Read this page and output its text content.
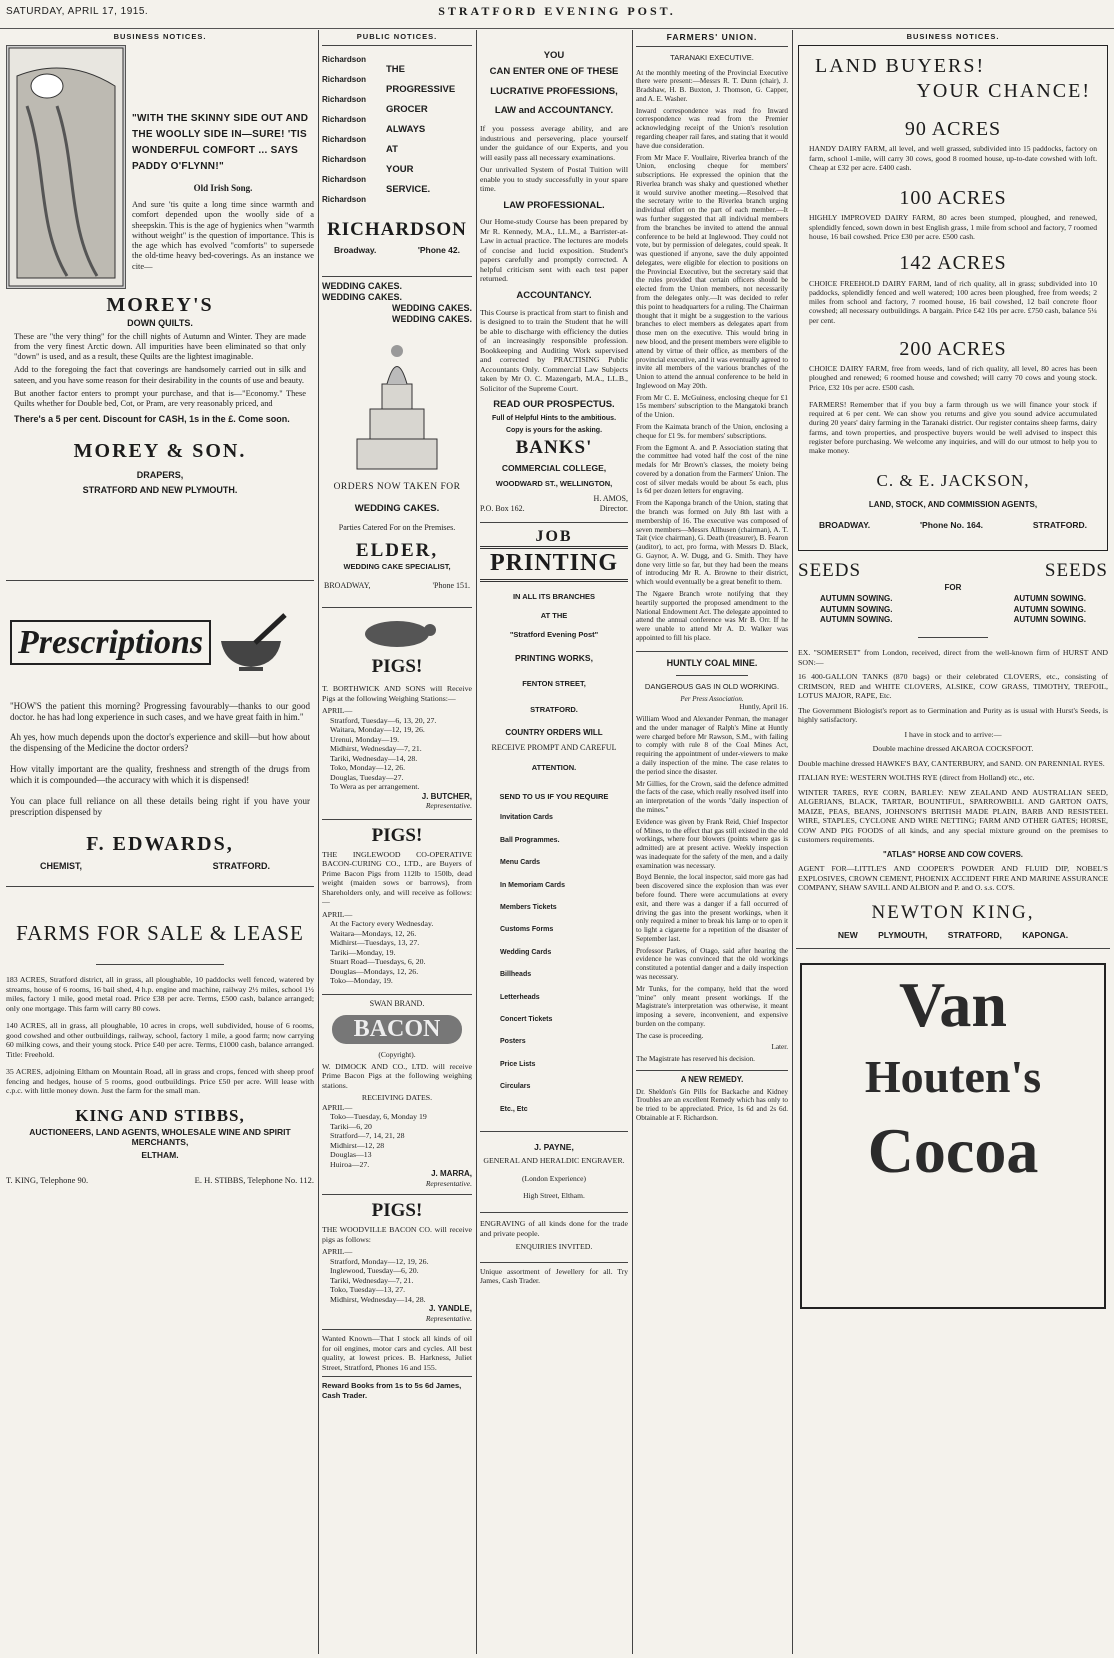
SATURDAY, APRIL 17, 1915.	STRATFORD EVENING POST.
BUSINESS NOTICES.
"WITH THE SKINNY SIDE OUT AND THE WOOLLY SIDE IN—SURE! 'TIS WONDERFUL COMFORT ... SAYS PADDY O'FLYNN!"
Old Irish Song.
And sure 'tis quite a long time since warmth and comfort depended upon the woolly side of a sheepskin. This is the age of hygienics when "warmth without weight" is the question of importance. This is the age which has evolved "comforts" to supersede the old-time heavy bed-coverings. As an instance we cite—
MOREY'S
DOWN QUILTS.
These are "the very thing" for the chill nights of Autumn and Winter. They are made from the very finest Arctic down. All impurities have been eliminated so that only "down" is used, and as a result, these Quilts are the lightest imaginable.
Add to the foregoing the fact that coverings are handsomely carried out in silk and sateen, and you have some reason for their desirability in the counts of use and beauty.
But another factor enters to prompt your purchase, and that is—"Economy." These Quilts whether for Double bed, Cot, or Pram, are very reasonably priced, and
There's a 5 per cent. Discount for CASH, 1s in the £. Come soon.
MOREY & SON.
DRAPERS,
STRATFORD AND NEW PLYMOUTH.
Prescriptions
"HOW'S the patient this morning? Progressing favourably—thanks to our good doctor. he has had long experience in such cases, and we have great faith in him."
Ah yes, how much depends upon the doctor's experience and skill—but how about the dispensing of the Medicine the doctor orders?
How vitally important are the quality, freshness and strength of the drugs from which it is compounded—the accuracy with which it is dispensed!
You can place full reliance on all these details being right if you have your prescription dispensed by
F. EDWARDS,
CHEMIST,	STRATFORD.
FARMS FOR SALE & LEASE
183 ACRES, Stratford district, all in grass, all ploughable, 10 paddocks well fenced, watered by streams, house of 6 rooms, 16 bail shed, 4 h.p. engine and machine, railway 2½ miles, school 1½ miles, factory 1 mile, good metal road. Price £38 per acre. Terms, £500 cash, balance arranged; only one mortgage. This farm will carry 80 cows.
140 ACRES, all in grass, all ploughable, 10 acres in crops, well subdivided, house of 6 rooms, good cowshed and other outbuildings, railway, school, factory 1 mile, a good farm; now carrying 60 milking cows, and their young stock. Price £40 per acre. Terms, £1000 cash, balance arranged. Title: Freehold.
35 ACRES, adjoining Eltham on Mountain Road, all in grass and crops, fenced with sheep proof fencing and hedges, house of 5 rooms, good outbuildings. Price £50 per acre. Will lease with c.p.c. with little money down. Just the farm for the small man.
KING AND STIBBS,
AUCTIONEERS, LAND AGENTS, WHOLESALE WINE AND SPIRIT MERCHANTS,
ELTHAM.
T. KING, Telephone 90.	E. H. STIBBS, Telephone No. 112.
PUBLIC NOTICES.
Richardson
Richardson
Richardson
Richardson
Richardson
Richardson
Richardson
Richardson
THE
PROGRESSIVE
GROCER
ALWAYS
AT
YOUR
SERVICE.
RICHARDSON
Broadway.	'Phone 42.
WEDDING CAKES.
WEDDING CAKES.
WEDDING CAKES.
WEDDING CAKES.
ORDERS NOW TAKEN FOR
WEDDING CAKES.
Parties Catered For on the Premises.
ELDER,
WEDDING CAKE SPECIALIST,
BROADWAY,	'Phone 151.
PIGS!
T. BORTHWICK AND SONS will Receive Pigs at the following Weighing Stations:—
APRIL—
Stratford, Tuesday—6, 13, 20, 27.
Waitara, Monday—12, 19, 26.
Urenui, Monday—19.
Midhirst, Wednesday—7, 21.
Tariki, Wednesday—14, 28.
Toko, Monday—12, 26.
Douglas, Tuesday—27.
To Wera as per arrangement.
J. BUTCHER,
Representative.
PIGS!
THE INGLEWOOD CO-OPERATIVE BACON-CURING CO., LTD., are Buyers of Prime Bacon Pigs from 112lb to 150lb, dead weight (maiden sows or barrows), from Shareholders only, and will receive as follows:—
APRIL—
At the Factory every Wednesday.
Waitara—Mondays, 12, 26.
Midhirst—Tuesdays, 13, 27.
Tariki—Monday, 19.
Stuart Road—Tuesdays, 6, 20.
Douglas—Mondays, 12, 26.
Toko—Monday, 19.
SWAN BRAND.
BACON
(Copyright).
W. DIMOCK AND CO., LTD. will receive Prime Bacon Pigs at the following weighing stations.
RECEIVING DATES.
APRIL—
Toko—Tuesday, 6, Monday 19
Tariki—6, 20
Stratford—7, 14, 21, 28
Midhirst—12, 28
Douglas—13
Huiroa—27.
J. MARRA,
Representative.
PIGS!
THE WOODVILLE BACON CO. will receive pigs as follows:
APRIL—
Stratford, Monday—12, 19, 26.
Inglewood, Tuesday—6, 20.
Tariki, Wednesday—7, 21.
Toko, Tuesday—13, 27.
Midhirst, Wednesday—14, 28.
J. YANDLE,
Representative.
Wanted Known—That I stock all kinds of oil for oil engines, motor cars and cycles. All best quality, at lowest prices. B. Harkness, Juliet Street, Stratford, Phones 16 and 155.
Reward Books from 1s to 5s 6d James, Cash Trader.
YOU
CAN ENTER ONE OF THESE LUCRATIVE PROFESSIONS, LAW and ACCOUNTANCY.
If you possess average ability, and are industrious and persevering, place yourself under the guidance of our Experts, and you will easily pass all necessary examinations.
Our unrivalled System of Postal Tuition will enable you to study successfully in your spare time.
LAW PROFESSIONAL.
Our Home-study Course has been prepared by Mr R. Kennedy, M.A., LL.M., a Barrister-at-Law in actual practice. The lectures are models of concise and lucid exposition. Student's papers carefully and promptly corrected. A helpful criticism sent with each test paper returned.
ACCOUNTANCY.
This Course is practical from start to finish and is designed to to train the Student that he will be able to discharge with efficiency the duties of an increasingly responsible profession. Bookkeeping and Auditing Work supervised and corrected by PRACTISING Public Accountants Only. Commercial Law Subjects taken by Mr O. C. Mazengarb, M.A., LL.B., Solicitor of the Supreme Court.
READ OUR PROSPECTUS.
Full of Helpful Hints to the ambitious.
Copy is yours for the asking.
BANKS'
COMMERCIAL COLLEGE,
WOODWARD ST., WELLINGTON,
H. AMOS,
P.O. Box 162.	Director.
JOB
PRINTING
IN ALL ITS BRANCHES
AT THE
"Stratford Evening Post"
PRINTING WORKS,
FENTON STREET,
STRATFORD.
COUNTRY ORDERS WILL
RECEIVE PROMPT AND CAREFUL
ATTENTION.
SEND TO US IF YOU REQUIRE
Invitation Cards
Ball Programmes.
Menu Cards
In Memoriam Cards
Members Tickets
Customs Forms
Wedding Cards
Billheads
Letterheads
Concert Tickets
Posters
Price Lists
Circulars
Etc., Etc
J. PAYNE,
GENERAL AND HERALDIC ENGRAVER.
(London Experience)
High Street, Eltham.
ENGRAVING of all kinds done for the trade and private people.
ENQUIRIES INVITED.
Unique assortment of Jewellery for all. Try James, Cash Trader.
FARMERS' UNION.
TARANAKI EXECUTIVE.
At the monthly meeting of the Provincial Executive there were present:—Messrs R. T. Dunn (chair), J. Bradshaw, H. B. Buxton, J. Thomson, G. Capper, and A. E. Washer.
Inward correspondence was read fro Inward correspondence was read from the Premier acknowledging receipt of the Union's resolution regarding cheaper rail fares, and stating that it would have due consideration.
From Mr Mace F. Voullaire, Riverlea branch of the Union, enclosing cheque for members' subscriptions. He expressed the opinion that the Riverlea branch was shaky and questioned whether it would survive another meeting.—Resolved that the secretary write to the Riverlea branch urging individual effort on the part of each member.—It was further suggested that all individual members from the branches be invited to attend the annual conference to be held at Inglewood. They could not vote, but by permission of delegates, could speak. It was questioned if anyone, save the duly appointed delegates, were eligible for election to positions on the Provincial Executive, but the secretary said that the rules provided that certain officers should be elected from the Union members, not necessarily from the delegates only.—It was decided to refer this point to headquarters for a ruling. The Chairman thought that it might be a suggestion to the various branches to elect members as delegates apart from those men on the executive. This would bring in new blood, and the present members were eligible to attend by virtue of their office, as members of the provincial executive, and it was eventually agreed to invite all members of the various branches of the Union to attend the annual conference to be held in Inglewood on May 20th.
From Mr C. E. McGuiness, enclosing cheque for £1 15s members' subscription to the Mangatoki branch of the Union.
From the Kaimata branch of the Union, enclosing a cheque for £1 9s. for members' subscriptions.
From the Egmont A. and P. Association stating that the committee had voted half the cost of the nine medals for Mr Brown's classes, the moiety being covered by a donation from the Farmers' Union. The cost of silver medals would be about 5s each, plus 1s 6d per dozen letters for engraving.
From the Kaponga branch of the Union, stating that the branch was formed on July 8th last with a membership of 16. The executive was composed of seven members—Messrs Allhusen (chairman), A. T. Tait (vice chairman), G. Death (treasurer), B. Fearon (auditor), to act, pro forma, with Messrs D. Black, G. Gaynor, A. W. Dugg, and G. Smith. They have done very little so far, but they had been the means of introducing Mr R. A. Browne to their district, which would eventually be a great benefit to them.
The Ngaere Branch wrote notifying that they heartily supported the proposed amendment to the National Endowment Act. The delegate appointed to attend the annual conference was Mr B. Orr. If he were unable to attend Mr A. D. Walker was appointed to fill his place.
HUNTLY COAL MINE.
DANGEROUS GAS IN OLD WORKING.
Per Press Association.
Huntly, April 16.
William Wood and Alexander Penman, the manager and the under manager of Ralph's Mine at Huntly were charged before Mr Rawson, S.M., with failing to comply with rule 8 of the Coal Mines Act, requiring the appointment of under-viewers to make a daily inspection of the mine. The case relates to the period since the disaster.
Mr Gillies, for the Crown, said the defence admitted the facts of the case, which really resolved itself into an interpretation of the words "daily inspection of the mines."
Evidence was given by Frank Reid, Chief Inspector of Mines, to the effect that gas still existed in the old workings, where four blowers (points where gas is admitted) are at present active. Weekly inspection was inadequate for the safety of the men, and a daily examination was necessary.
Boyd Bennie, the local inspector, said more gas had been discovered since the explosion than was ever before found. There were accumulations at every exit, and there was a danger if a fall occurred of driving the gas into the present workings, when it only required a miner to break his lamp or to open it to light a cigarette for a repetition of the disaster of September last.
Professor Parkes, of Otago, said after hearing the evidence he was convinced that the old workings constituted a potential danger and a daily inspection was necessary.
Mr Tunks, for the company, held that the word "mine" only meant present workings. If the Magistrate's interpretation was otherwise, it meant imposing a severe, inconvenient, and expensive burden on the company.
The case is proceeding.
Later.
The Magistrate has reserved his decision.
A NEW REMEDY.
Dr. Sheldon's Gin Pills for Backache and Kidney Troubles are an excellent Remedy which has only to be tried to be appreciated. Price, 1s 6d and 2s 6d. Obtainable at F. Richardson.
BUSINESS NOTICES.
LAND BUYERS!
YOUR CHANCE!
90 ACRES
HANDY DAIRY FARM, all level, and well grassed, subdivided into 15 paddocks, factory on farm, school 1-mile, will carry 30 cows, good 8 roomed house, up-to-date cowshed with loft. Cheap at £32 per acre. £400 cash.
100 ACRES
HIGHLY IMPROVED DAIRY FARM, 80 acres been stumped, ploughed, and renewed, splendidly fenced, sown down in best English grass, 1 mile from school and factory, 7 roomed house, 16 bail cowshed. Price £30 per acre. £500 cash.
142 ACRES
CHOICE FREEHOLD DAIRY FARM, land of rich quality, all in grass; subdivided into 10 paddocks, splendidly fenced and well watered; 100 acres been ploughed, free from weeds; 2 miles from school and factory, 7 roomed house, 16 bail cowshed, 12 bail concrete floor cowshed; all necessary outbuildings. A bargain. Price £42 10s per acre. £750 cash, balance 5¼ per cent.
200 ACRES
CHOICE DAIRY FARM, free from weeds, land of rich quality, all level, 80 acres has been ploughed and renewed; 6 roomed house and cowshed; will carry 70 cows and young stock. Price, £32 10s per acre. £500 cash.
FARMERS! Remember that if you buy a farm through us we will finance your stock if required at 6 per cent. We can show you returns and give you sound advice accumulated during 20 years' dairy farming in the Taranaki district. Our register contains sheep farms, dairy farms, and town properties, and prospective buyers would be well advised to inspect this register before purchasing. We welcome any inquiries, and will do our utmost to help you to make money.
C. & E. JACKSON,
LAND, STOCK, AND COMMISSION AGENTS,
BROADWAY.	'Phone No. 164.	STRATFORD.
SEEDS	SEEDS
FOR
AUTUMN SOWING.
AUTUMN SOWING.
AUTUMN SOWING.
AUTUMN SOWING.
AUTUMN SOWING.
AUTUMN SOWING.
EX. "SOMERSET" from London, received, direct from the well-known firm of HURST AND SON:—
16 400-GALLON TANKS (870 bags) or their celebrated CLOVERS, etc., consisting of CRIMSON, RED and WHITE CLOVERS, ALSIKE, COW GRASS, TIMOTHY, TREFOIL, LOTUS MAJOR, RAPE, Etc.
The Government Biologist's report as to Germination and Purity as is usual with Hurst's Seeds, is highly satisfactory.
I have in stock and to arrive:—
Double machine dressed AKAROA COCKSFOOT.
Double machine dressed HAWKE'S BAY, CANTERBURY, and SAND. ON PARENNIAL RYES.
ITALIAN RYE: WESTERN WOLTHS RYE (direct from Holland) etc., etc.
WINTER TARES, RYE CORN, BARLEY: NEW ZEALAND AND AUSTRALIAN SEED, ALGERIANS, BLACK, TARTAR, BOUNTIFUL, SPARROWBILL AND GARTON OATS, MAIZE, PEAS, BEANS, JOHNSON'S BRITISH MADE PLAIN, BARB AND RESISTEEL WIRE, STAPLES, CYCLONE AND WIRE NETTING; FARM AND OTHER GATES; HORSE, COW AND PIG FOODS of all kinds, and any special mixture ground on the premises to customers requirements.
"ATLAS" HORSE AND COW COVERS.
AGENT FOR—LITTLE'S AND COOPER'S POWDER AND FLUID DIP, NOBEL'S EXPLOSIVES, CROWN CEMENT, PHOENIX ACCIDENT FIRE AND MARINE ASSURANCE COMPANY, SHAW SAVILL AND ALBION and P. and O. s.s. CO'S.
NEWTON KING,
NEW PLYMOUTH, STRATFORD, KAPONGA.
Van
Houten's
Cocoa
